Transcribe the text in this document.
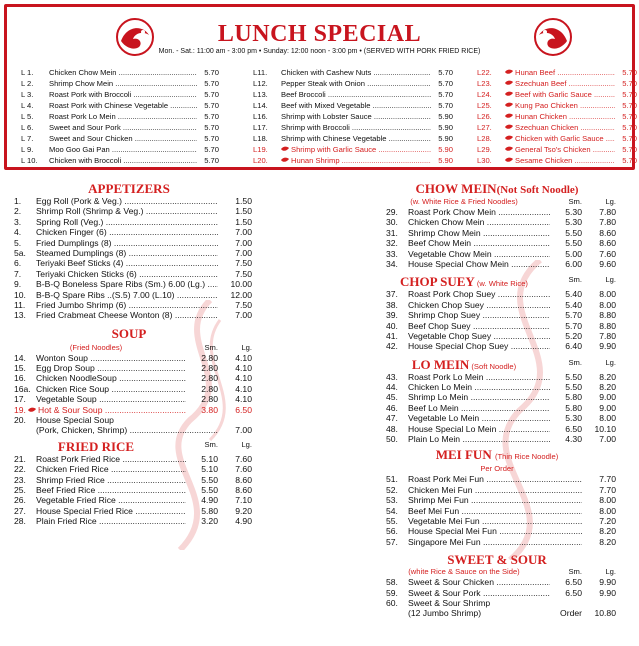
LUNCH SPECIAL
Mon. - Sat.: 11:00 am - 3:00 pm • Sunday: 12:00 noon - 3:00 pm • (SERVED WITH PORK FRIED RICE)
L 1.	Chicken Chow Mein .....	5.70
L 2.	Shrimp Chow Mein .....	5.70
L 3.	Roast Pork with Broccoli .....	5.70
L 4.	Roast Pork with Chinese Vegetable .....	5.70
L 5.	Roast Pork Lo Mein .....	5.70
L 6.	Sweet and Sour Pork .....	5.70
L 7.	Sweet and Sour Chicken .....	5.70
L 9.	Moo Goo Gai Pan .....	5.70
L 10.	Chicken with Broccoli .....	5.70
L11.	Chicken with Cashew Nuts .....	5.70
L12.	Pepper Steak with Onion .....	5.70
L13.	Beef Broccoli .....	5.70
L14.	Beef with Mixed Vegetable .....	5.70
L16.	Shrimp with Lobster Sauce .....	5.90
L17.	Shrimp with Broccoli .....	5.90
L18.	Shrimp with Chinese Vegetable .....	5.90
L19.	Shrimp with Garlic Sauce .....	5.90
L20.	Hunan Shrimp .....	5.90
L22.	Hunan Beef .....	5.70
L23.	Szechuan Beef .....	5.70
L24.	Beef with Garlic Sauce .....	5.70
L25.	Kung Pao Chicken .....	5.70
L26.	Hunan Chicken .....	5.70
L27.	Szechuan Chicken .....	5.70
L28.	Chicken with Garlic Sauce .....	5.70
L29.	General Tso's Chicken .....	5.70
L30.	Sesame Chicken .....	5.70
APPETIZERS
1.	Egg Roll (Pork & Veg.) .....	1.50
2.	Shrimp Roll (Shrimp & Veg.) .....	1.50
3.	Spring Roll (Veg.) .....	1.50
4.	Chicken Finger (6) .....	7.00
5.	Fried Dumplings (8) .....	7.00
5a.	Steamed Dumplings (8) .....	7.00
6.	Teriyaki Beef Sticks (4) .....	7.50
7.	Teriyaki Chicken Sticks (6) .....	7.50
9.	B-B-Q Boneless Spare Ribs (Sm.) 6.00 (Lg.) .....	10.00
10.	B-B-Q Spare Ribs ..(S.5) 7.00 (L.10) .....	12.00
11.	Fried Jumbo Shrimp (6) .....	7.50
13.	Fried Crabmeat Cheese Wonton (8) .....	7.00
SOUP
(Fried Noodles)	Sm.	Lg.
14.	Wonton Soup .....	2.80	4.10
15.	Egg Drop Soup .....	2.80	4.10
16.	Chicken NoodleSoup .....	2.80	4.10
16a. Chicken Rice Soup .....	2.80	4.10
17.	Vegetable Soup .....	2.80	4.10
19.	Hot & Sour Soup .....	3.80	6.50
20.	House Special Soup
(Pork, Chicken, Shrimp) .....	7.00
FRIED RICE	Sm.	Lg.
21.	Roast Pork Fried Rice .....	5.10	7.60
22.	Chicken Fried Rice .....	5.10	7.60
23.	Shrimp Fried Rice .....	5.50	8.60
25.	Beef Fried Rice .....	5.50	8.60
26.	Vegetable Fried Rice .....	4.90	7.10
27.	House Special Fried Rice .....	5.80	9.20
28.	Plain Fried Rice .....	3.20	4.90
CHOW MEIN(Not Soft Noodle)
(w. White Rice & Fried Noodles)	Sm.	Lg.
29.	Roast Pork Chow Mein .....	5.30	7.80
30.	Chicken Chow Mein .....	5.30	7.80
31.	Shrimp Chow Mein .....	5.50	8.60
32.	Beef Chow Mein .....	5.50	8.60
33.	Vegetable Chow Mein .....	5.00	7.60
34.	House Special Chow Mein .....	6.00	9.60
CHOP SUEY (w. White Rice)	Sm.	Lg.
37.	Roast Pork Chop Suey .....	5.40	8.00
38.	Chicken Chop Suey .....	5.40	8.00
39.	Shrimp Chop Suey .....	5.70	8.80
40.	Beef Chop Suey .....	5.70	8.80
41.	Vegetable Chop Suey .....	5.20	7.80
42.	House Special Chop Suey .....	6.40	9.90
LO MEIN (Soft Noodle)	Sm.	Lg.
43.	Roast Pork Lo Mein .....	5.50	8.20
44.	Chicken Lo Mein .....	5.50	8.20
45.	Shrimp Lo Mein .....	5.80	9.00
46.	Beef Lo Mein .....	5.80	9.00
47.	Vegetable Lo Mein .....	5.30	8.00
48.	House Special Lo Mein .....	6.50	10.10
50.	Plain Lo Mein .....	4.30	7.00
MEI FUN (Thin Rice Noodle)
Per Order
51.	Roast Pork Mei Fun .....	7.70
52.	Chicken Mei Fun .....	7.70
53.	Shrimp Mei Fun .....	8.00
54.	Beef Mei Fun .....	8.00
55.	Vegetable Mei Fun .....	7.20
56.	House Special Mei Fun .....	8.20
57.	Singapore Mei Fun .....	8.20
SWEET & SOUR
(white Rice & Sauce on the Side)	Sm.	Lg.
58.	Sweet & Sour Chicken .....	6.50	9.90
59.	Sweet & Sour Pork .....	6.50	9.90
60.	Sweet & Sour Shrimp
(12 Jumbo Shrimp)	Order	10.80
